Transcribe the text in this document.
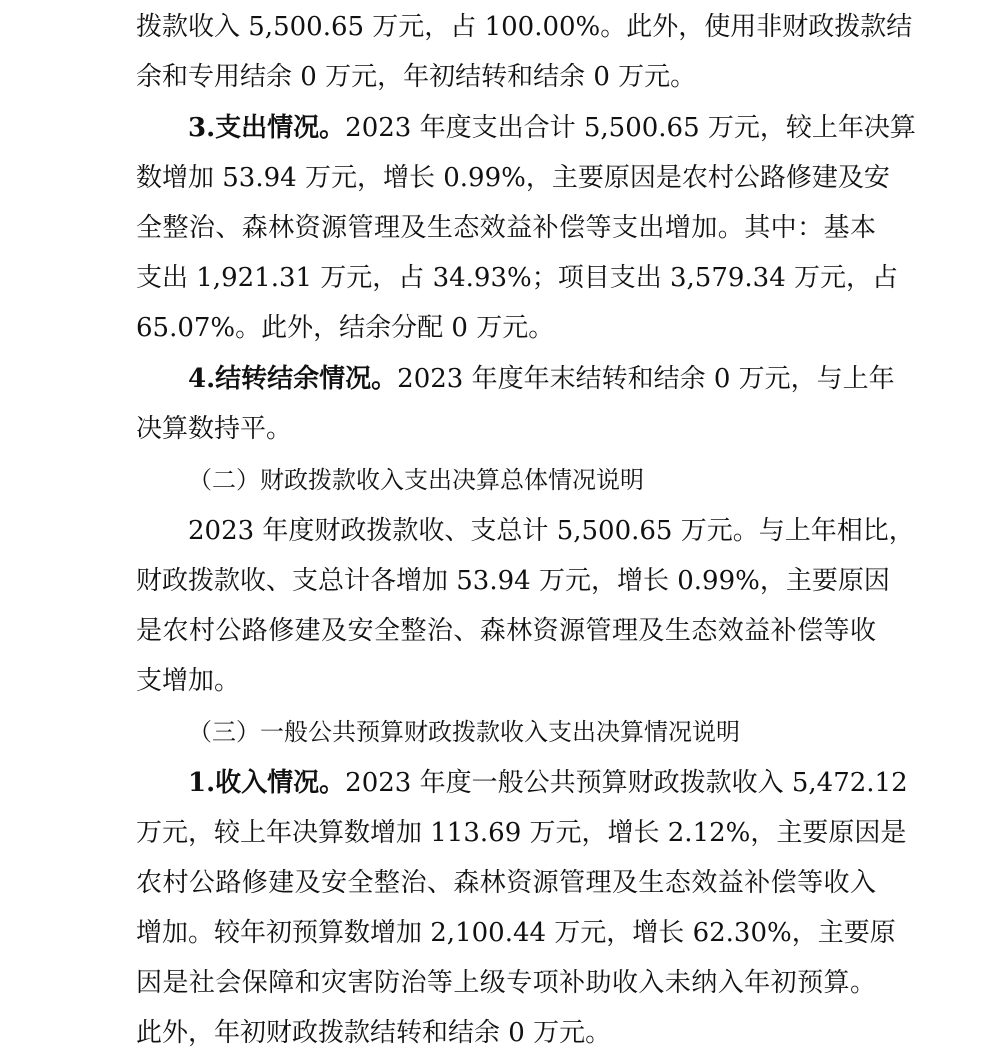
拨款收入 5,500.65 万元，占 100.00%。此外，使用非财政拨款结
余和专用结余 0 万元，年初结转和结余 0 万元。
3.支出情况。2023 年度支出合计 5,500.65 万元，较上年决算
数增加 53.94 万元，增长 0.99%，主要原因是农村公路修建及安
全整治、森林资源管理及生态效益补偿等支出增加。其中：基本
支出 1,921.31 万元，占 34.93%；项目支出 3,579.34 万元，占
65.07%。此外，结余分配 0 万元。
4.结转结余情况。2023 年度年末结转和结余 0 万元，与上年
决算数持平。
（二）财政拨款收入支出决算总体情况说明
2023 年度财政拨款收、支总计 5,500.65 万元。与上年相比，
财政拨款收、支总计各增加 53.94 万元，增长 0.99%，主要原因
是农村公路修建及安全整治、森林资源管理及生态效益补偿等收
支增加。
（三）一般公共预算财政拨款收入支出决算情况说明
1.收入情况。2023 年度一般公共预算财政拨款收入 5,472.12
万元，较上年决算数增加 113.69 万元，增长 2.12%，主要原因是
农村公路修建及安全整治、森林资源管理及生态效益补偿等收入
增加。较年初预算数增加 2,100.44 万元，增长 62.30%，主要原
因是社会保障和灾害防治等上级专项补助收入未纳入年初预算。
此外，年初财政拨款结转和结余 0 万元。
